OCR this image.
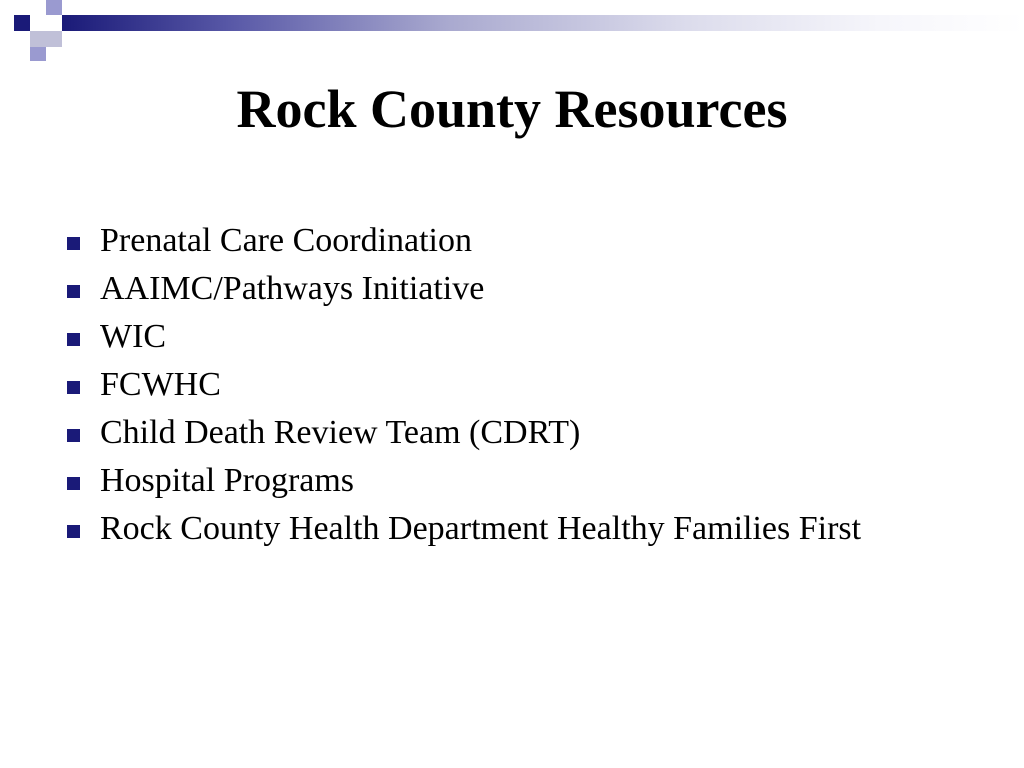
Rock County Resources
Prenatal Care Coordination
AAIMC/Pathways Initiative
WIC
FCWHC
Child Death Review Team (CDRT)
Hospital Programs
Rock County Health Department Healthy Families First
